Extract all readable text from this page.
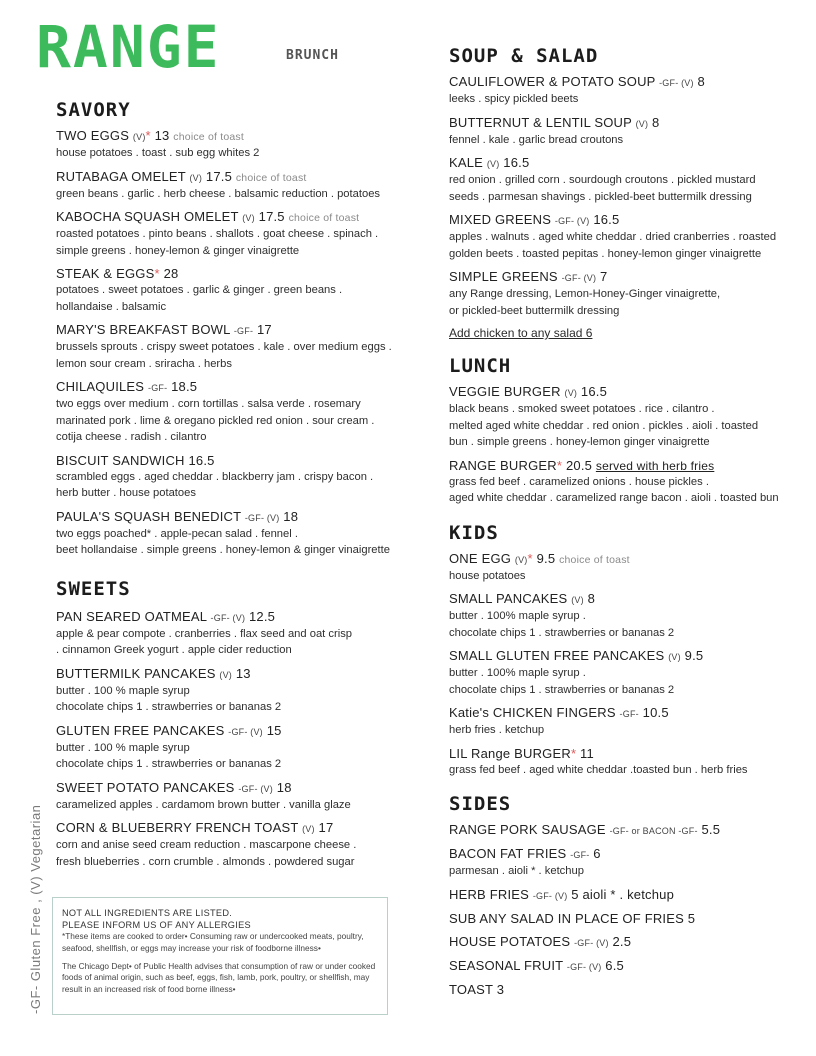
RANGE	BRUNCH
SAVORY
TWO EGGS (V)* 13 choice of toast
house potatoes . toast . sub egg whites 2
RUTABAGA OMELET (V) 17.5 choice of toast
green beans . garlic . herb cheese . balsamic reduction . potatoes
KABOCHA SQUASH OMELET (V) 17.5 choice of toast
roasted potatoes . pinto beans . shallots . goat cheese . spinach .
simple greens . honey-lemon & ginger vinaigrette
STEAK & EGGS* 28
potatoes . sweet potatoes . garlic & ginger . green beans .
hollandaise . balsamic
MARY'S BREAKFAST BOWL -GF- 17
brussels sprouts . crispy sweet potatoes . kale . over medium eggs .
lemon sour cream . sriracha . herbs
CHILAQUILES -GF- 18.5
two eggs over medium . corn tortillas . salsa verde . rosemary
marinated pork . lime & oregano pickled red onion . sour cream .
cotija cheese . radish . cilantro
BISCUIT SANDWICH 16.5
scrambled eggs . aged cheddar . blackberry jam . crispy bacon .
herb butter . house potatoes
PAULA'S SQUASH BENEDICT -GF- (V) 18
two eggs poached* . apple-pecan salad . fennel .
beet hollandaise . simple greens . honey-lemon & ginger vinaigrette
SWEETS
PAN SEARED OATMEAL -GF- (V) 12.5
apple & pear compote . cranberries . flax seed and oat crisp
. cinnamon Greek yogurt . apple cider reduction
BUTTERMILK PANCAKES (V) 13
butter . 100 % maple syrup
chocolate chips 1 . strawberries or bananas 2
GLUTEN FREE PANCAKES -GF- (V) 15
butter . 100 % maple syrup
chocolate chips 1 . strawberries or bananas 2
SWEET POTATO PANCAKES -GF- (V) 18
caramelized apples . cardamom brown butter . vanilla glaze
CORN & BLUEBERRY FRENCH TOAST (V) 17
corn and anise seed cream reduction . mascarpone cheese .
fresh blueberries . corn crumble . almonds . powdered sugar
SOUP & SALAD
CAULIFLOWER & POTATO SOUP -GF- (V) 8
leeks . spicy pickled beets
BUTTERNUT & LENTIL SOUP (V) 8
fennel . kale . garlic bread croutons
KALE (V) 16.5
red onion . grilled corn . sourdough croutons . pickled mustard
seeds . parmesan shavings . pickled-beet buttermilk dressing
MIXED GREENS -GF- (V) 16.5
apples . walnuts . aged white cheddar . dried cranberries . roasted
golden beets . toasted pepitas . honey-lemon ginger vinaigrette
SIMPLE GREENS -GF- (V) 7
any Range dressing, Lemon-Honey-Ginger vinaigrette,
or pickled-beet buttermilk dressing
Add chicken to any salad 6
LUNCH
VEGGIE BURGER (V) 16.5
black beans . smoked sweet potatoes . rice . cilantro .
melted aged white cheddar . red onion . pickles . aioli . toasted
bun . simple greens . honey-lemon ginger vinaigrette
RANGE BURGER* 20.5 served with herb fries
grass fed beef . caramelized onions . house pickles .
aged white cheddar . caramelized range bacon . aioli . toasted bun
KIDS
ONE EGG (V)* 9.5 choice of toast
house potatoes
SMALL PANCAKES (V) 8
butter . 100% maple syrup .
chocolate chips 1 . strawberries or bananas 2
SMALL GLUTEN FREE PANCAKES (V) 9.5
butter . 100% maple syrup .
chocolate chips 1 . strawberries or bananas 2
Katie's CHICKEN FINGERS -GF- 10.5
herb fries . ketchup
LIL Range BURGER* 11
grass fed beef . aged white cheddar .toasted bun . herb fries
SIDES
RANGE PORK SAUSAGE -GF- or BACON -GF- 5.5
BACON FAT FRIES -GF- 6
parmesan . aioli * . ketchup
HERB FRIES -GF- (V) 5 aioli * . ketchup
SUB ANY SALAD IN PLACE OF FRIES 5
HOUSE POTATOES -GF- (V) 2.5
SEASONAL FRUIT -GF- (V) 6.5
TOAST 3
-GF- Gluten Free , (V) Vegetarian NOT ALL INGREDIENTS ARE LISTED.
PLEASE INFORM US OF ANY ALLERGIES

*These items are cooked to order• Consuming raw or undercooked meats, poultry, seafood, shellfish, or eggs may increase your risk of foodborne illness•

The Chicago Dept• of Public Health advises that consumption of raw or under cooked foods of animal origin, such as beef, eggs, fish, lamb, pork, poultry, or shellfish, may result in an increased risk of food borne illness•
